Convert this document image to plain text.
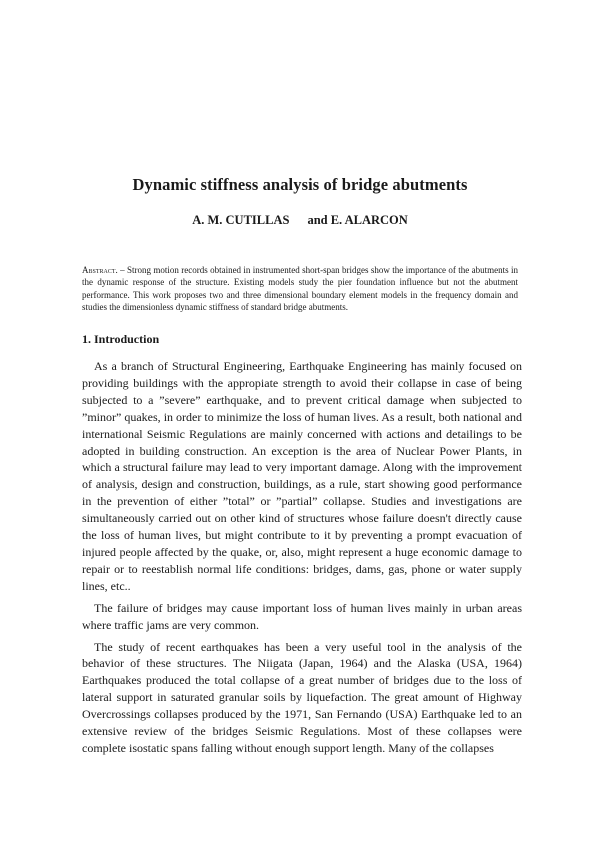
Dynamic stiffness analysis of bridge abutments
A. M. CUTILLAS and E. ALARCON
Abstract. – Strong motion records obtained in instrumented short-span bridges show the importance of the abutments in the dynamic response of the structure. Existing models study the pier foundation influence but not the abutment performance. This work proposes two and three dimensional boundary element models in the frequency domain and studies the dimensionless dynamic stiffness of standard bridge abutments.
1. Introduction

As a branch of Structural Engineering, Earthquake Engineering has mainly focused on providing buildings with the appropiate strength to avoid their collapse in case of being subjected to a ”severe” earthquake, and to prevent critical damage when subjected to ”minor” quakes, in order to minimize the loss of human lives. As a result, both national and international Seismic Regulations are mainly concerned with actions and detailings to be adopted in building construction. An exception is the area of Nuclear Power Plants, in which a structural failure may lead to very important damage. Along with the improvement of analysis, design and construction, buildings, as a rule, start showing good performance in the prevention of either ”total” or ”partial” collapse. Studies and investigations are simultaneously carried out on other kind of structures whose failure doesn't directly cause the loss of human lives, but might contribute to it by preventing a prompt evacuation of injured people affected by the quake, or, also, might represent a huge economic damage to repair or to reestablish normal life conditions: bridges, dams, gas, phone or water supply lines, etc..

The failure of bridges may cause important loss of human lives mainly in urban areas where traffic jams are very common.

The study of recent earthquakes has been a very useful tool in the analysis of the behavior of these structures. The Niigata (Japan, 1964) and the Alaska (USA, 1964) Earthquakes produced the total collapse of a great number of bridges due to the loss of lateral support in saturated granular soils by liquefaction. The great amount of Highway Overcrossings collapses produced by the 1971, San Fernando (USA) Earthquake led to an extensive review of the bridges Seismic Regulations. Most of these collapses were complete isostatic spans falling without enough support length. Many of the collapses
